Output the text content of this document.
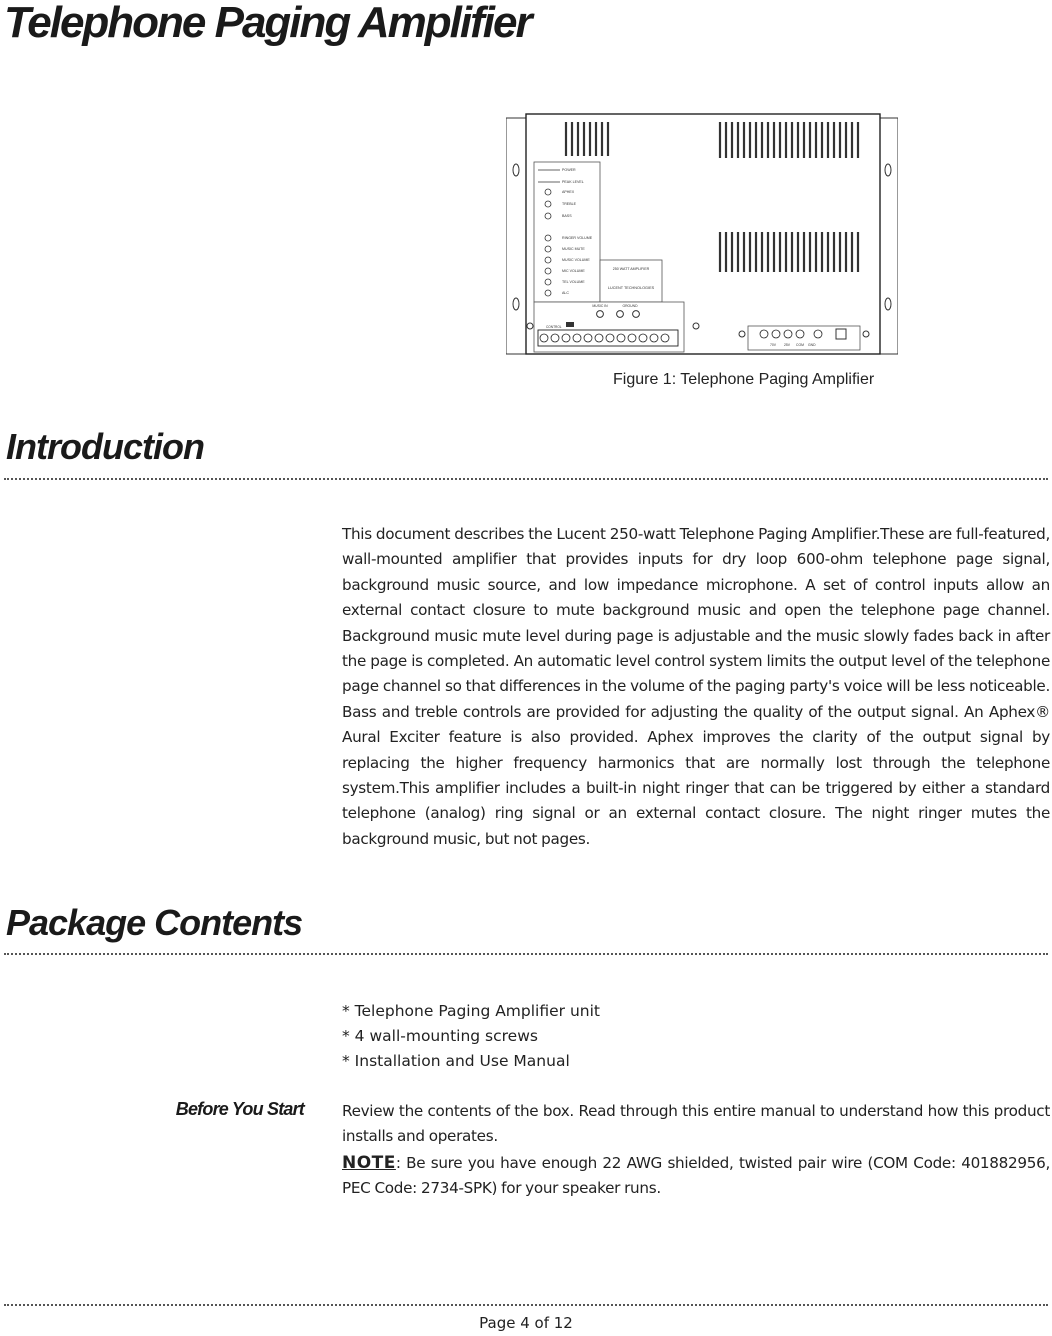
Telephone Paging Amplifier
POWER
PEAK LEVEL
APHEX
TREBLE
BASS
RINGER VOLUME
MUSIC MUTE
MUSIC VOLUME
MIC VOLUME
TEL VOLUME
ALC
250 WATT AMPLIFIER
LUCENT TECHNOLOGIES
MUSIC IN	GROUND
CONTROL
70V 25V COM GND
Figure 1: Telephone Paging Amplifier
Introduction

This document describes the Lucent 250-watt Telephone Paging Amplifier.These are full-featured, wall-mounted amplifier that provides inputs for dry loop 600-ohm telephone page signal, background music source, and low impedance microphone. A set of control inputs allow an external contact closure to mute background music and open the telephone page channel. Background music mute level during page is adjustable and the music slowly fades back in after the page is completed. An automatic level control system limits the output level of the telephone page channel so that differences in the volume of the paging party's voice will be less noticeable. Bass and treble controls are provided for adjusting the quality of the output signal. An Aphex® Aural Exciter feature is also provided. Aphex improves the clarity of the output signal by replacing the higher frequency harmonics that are normally lost through the telephone system.This amplifier includes a built-in night ringer that can be triggered by either a standard telephone (analog) ring signal or an external contact closure. The night ringer mutes the background music, but not pages.

Package Contents
* Telephone Paging Amplifier unit
* 4 wall-mounting screws
* Installation and Use Manual
Before You Start	Review the contents of the box. Read through this entire manual to understand how this product installs and operates.

NOTE: Be sure you have enough 22 AWG shielded, twisted pair wire (COM Code: 401882956, PEC Code: 2734-SPK) for your speaker runs.

Page 4 of 12
